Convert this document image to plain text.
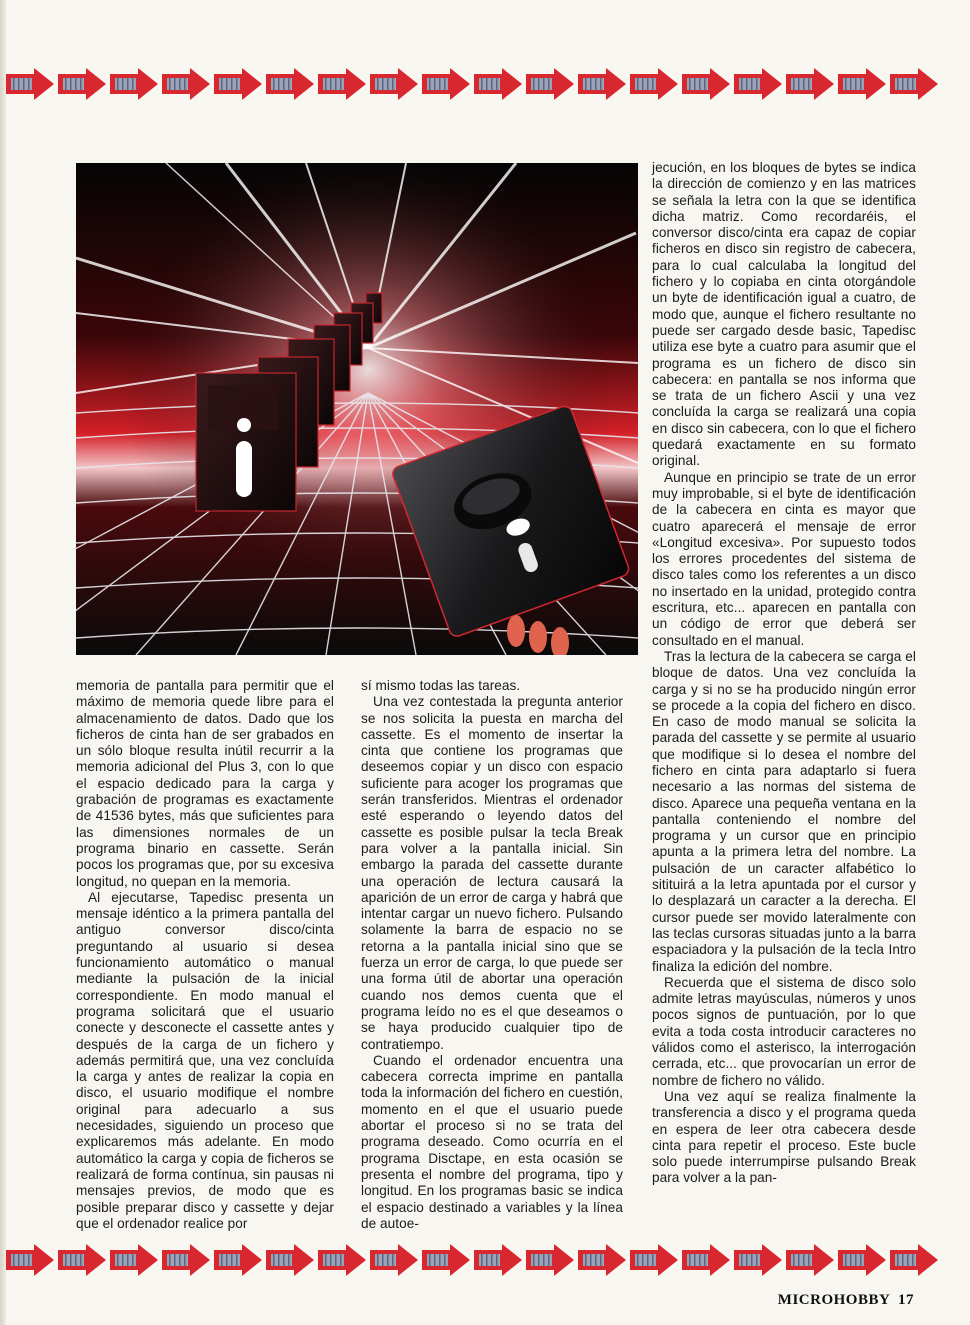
memoria de pantalla para permitir que el máximo de memoria quede libre para el almacenamiento de datos. Dado que los ficheros de cinta han de ser grabados en un sólo bloque resulta inútil recurrir a la memoria adicional del Plus 3, con lo que el espacio dedicado para la carga y grabación de programas es exactamente de 41536 bytes, más que suficientes para las dimensiones normales de un programa binario en cassette. Serán pocos los programas que, por su excesiva longitud, no quepan en la memoria.

Al ejecutarse, Tapedisc presenta un mensaje idéntico a la primera pantalla del antiguo conversor disco/cinta preguntando al usuario si desea funcionamiento automático o manual mediante la pulsación de la inicial correspondiente. En modo manual el programa solicitará que el usuario conecte y desconecte el cassette antes y después de la carga de un fichero y además permitirá que, una vez concluída la carga y antes de realizar la copia en disco, el usuario modifique el nombre original para adecuarlo a sus necesidades, siguiendo un proceso que explicaremos más adelante. En modo automático la carga y copia de ficheros se realizará de forma contínua, sin pausas ni mensajes previos, de modo que es posible preparar disco y cassette y dejar que el ordenador realice por

sí mismo todas las tareas.

Una vez contestada la pregunta anterior se nos solicita la puesta en marcha del cassette. Es el momento de insertar la cinta que contiene los programas que deseemos copiar y un disco con espacio suficiente para acoger los programas que serán transferidos. Mientras el ordenador esté esperando o leyendo datos del cassette es posible pulsar la tecla Break para volver a la pantalla inicial. Sin embargo la parada del cassette durante una operación de lectura causará la aparición de un error de carga y habrá que intentar cargar un nuevo fichero. Pulsando solamente la barra de espacio no se retorna a la pantalla inicial sino que se fuerza un error de carga, lo que puede ser una forma útil de abortar una operación cuando nos demos cuenta que el programa leído no es el que deseamos o se haya producido cualquier tipo de contratiempo.

Cuando el ordenador encuentra una cabecera correcta imprime en pantalla toda la información del fichero en cuestión, momento en el que el usuario puede abortar el proceso si no se trata del programa deseado. Como ocurría en el programa Disctape, en esta ocasión se presenta el nombre del programa, tipo y longitud. En los programas basic se indica el espacio destinado a variables y la línea de autoe-

jecución, en los bloques de bytes se indica la dirección de comienzo y en las matrices se señala la letra con la que se identifica dicha matriz. Como recordaréis, el conversor disco/cinta era capaz de copiar ficheros en disco sin registro de cabecera, para lo cual calculaba la longitud del fichero y lo copiaba en cinta otorgándole un byte de identificación igual a cuatro, de modo que, aunque el fichero resultante no puede ser cargado desde basic, Tapedisc utiliza ese byte a cuatro para asumir que el programa es un fichero de disco sin cabecera: en pantalla se nos informa que se trata de un fichero Ascii y una vez concluída la carga se realizará una copia en disco sin cabecera, con lo que el fichero quedará exactamente en su formato original.

Aunque en principio se trate de un error muy improbable, si el byte de identificación de la cabecera en cinta es mayor que cuatro aparecerá el mensaje de error «Longitud excesiva». Por supuesto todos los errores procedentes del sistema de disco tales como los referentes a un disco no insertado en la unidad, protegido contra escritura, etc... aparecen en pantalla con un código de error que deberá ser consultado en el manual.

Tras la lectura de la cabecera se carga el bloque de datos. Una vez concluída la carga y si no se ha producido ningún error se procede a la copia del fichero en disco. En caso de modo manual se solicita la parada del cassette y se permite al usuario que modifique si lo desea el nombre del fichero en cinta para adaptarlo si fuera necesario a las normas del sistema de disco. Aparece una pequeña ventana en la pantalla conteniendo el nombre del programa y un cursor que en principio apunta a la primera letra del nombre. La pulsación de un caracter alfabético lo sitituirá a la letra apuntada por el cursor y lo desplazará un caracter a la derecha. El cursor puede ser movido lateralmente con las teclas cursoras situadas junto a la barra espaciadora y la pulsación de la tecla Intro finaliza la edición del nombre.

Recuerda que el sistema de disco solo admite letras mayúsculas, números y unos pocos signos de puntuación, por lo que evita a toda costa introducir caracteres no válidos como el asterisco, la interrogación cerrada, etc... que provocarían un error de nombre de fichero no válido.

Una vez aquí se realiza finalmente la transferencia a disco y el programa queda en espera de leer otra cabecera desde cinta para repetir el proceso. Este bucle solo puede interrumpirse pulsando Break para volver a la pan-

MICROHOBBY 17
